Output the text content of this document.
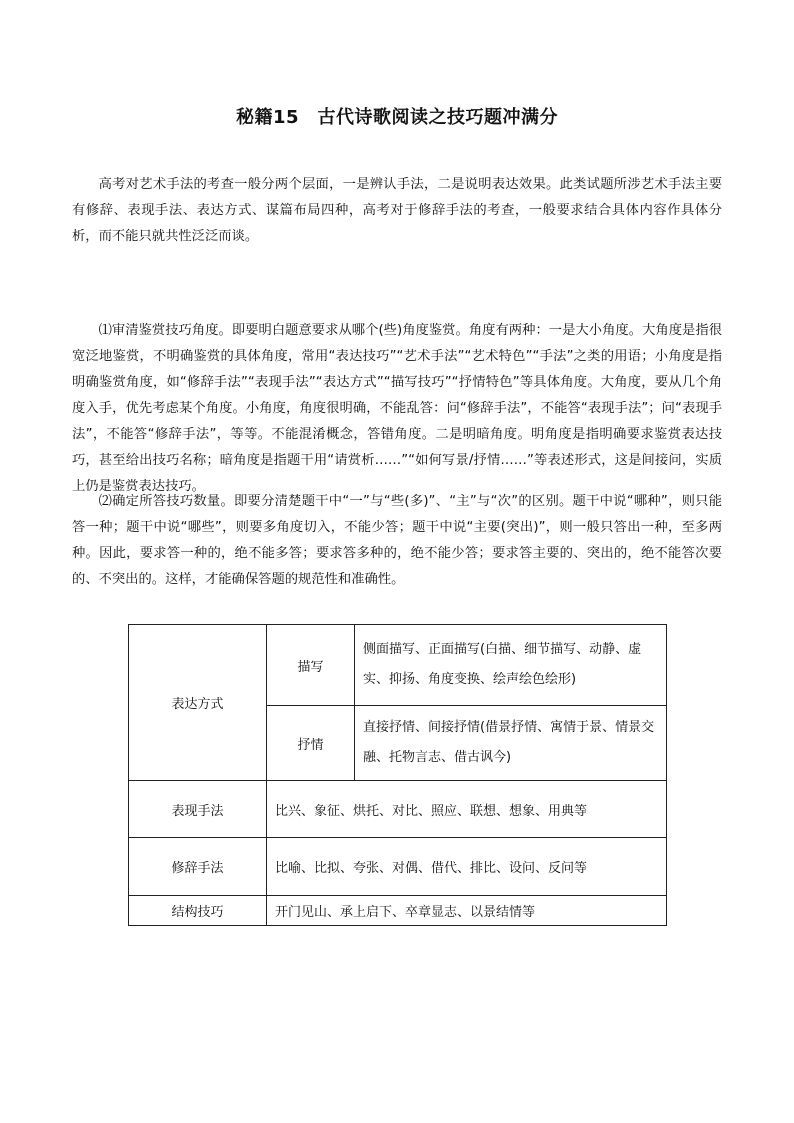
秘籍15　古代诗歌阅读之技巧题冲满分

高考对艺术手法的考查一般分两个层面，一是辨认手法，二是说明表达效果。此类试题所涉艺术手法主要有修辞、表现手法、表达方式、谋篇布局四种，高考对于修辞手法的考查，一般要求结合具体内容作具体分析，而不能只就共性泛泛而谈。

⑴审清鉴赏技巧角度。即要明白题意要求从哪个(些)角度鉴赏。角度有两种：一是大小角度。大角度是指很宽泛地鉴赏，不明确鉴赏的具体角度，常用“表达技巧”“艺术手法”“艺术特色”“手法”之类的用语；小角度是指明确鉴赏角度，如“修辞手法”“表现手法”“表达方式”“描写技巧”“抒情特色”等具体角度。大角度，要从几个角度入手，优先考虑某个角度。小角度，角度很明确，不能乱答：问“修辞手法”，不能答“表现手法”；问“表现手法”，不能答“修辞手法”，等等。不能混淆概念，答错角度。二是明暗角度。明角度是指明确要求鉴赏表达技巧，甚至给出技巧名称；暗角度是指题干用“请赏析……”“如何写景/抒情……”等表述形式，这是间接问，实质上仍是鉴赏表达技巧。

⑵确定所答技巧数量。即要分清楚题干中“一”与“些(多)”、“主”与“次”的区别。题干中说“哪种”，则只能答一种；题干中说“哪些”，则要多角度切入，不能少答；题干中说“主要(突出)”，则一般只答出一种，至多两种。因此，要求答一种的，绝不能多答；要求答多种的，绝不能少答；要求答主要的、突出的，绝不能答次要的、不突出的。这样，才能确保答题的规范性和准确性。

表达方式	描写	侧面描写、正面描写(白描、细节描写、动静、虚实、抑扬、角度变换、绘声绘色绘形)
	抒情	直接抒情、间接抒情(借景抒情、寓情于景、情景交融、托物言志、借古讽今)
表现手法	比兴、象征、烘托、对比、照应、联想、想象、用典等	
修辞手法	比喻、比拟、夸张、对偶、借代、排比、设问、反问等	
结构技巧	开门见山、承上启下、卒章显志、以景结情等	
